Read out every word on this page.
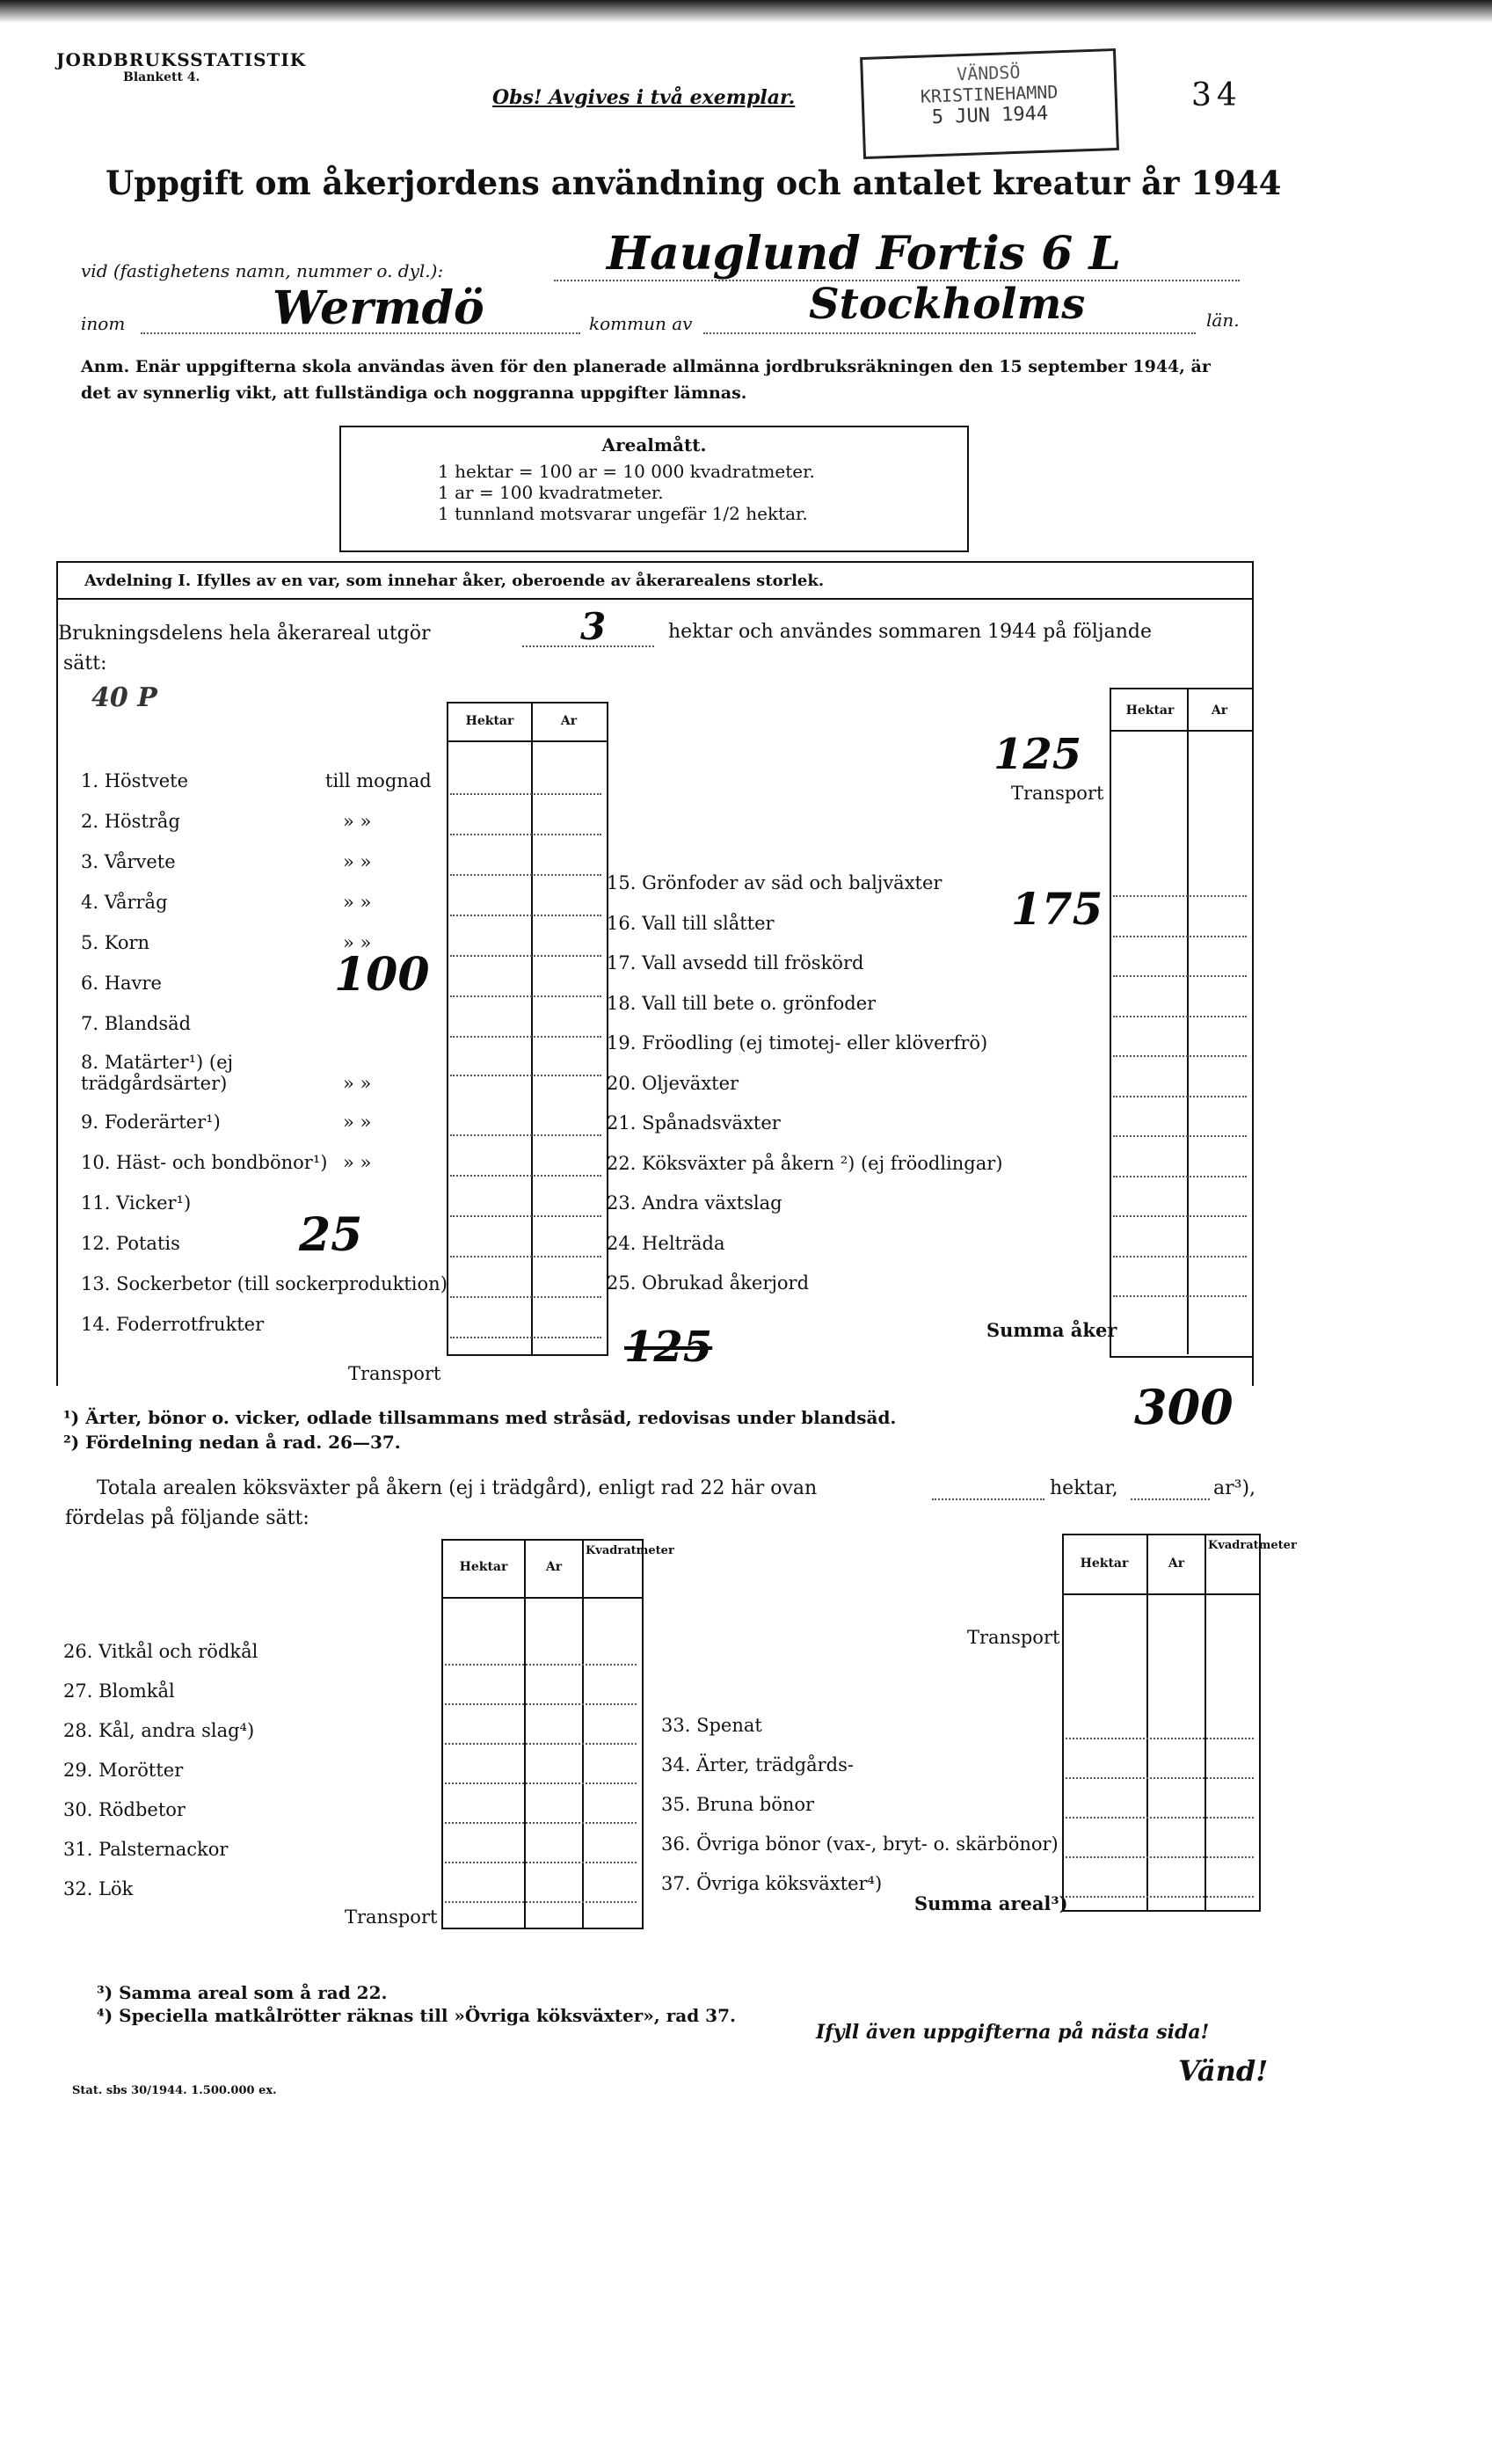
JORDBRUKSSTATISTIK
Blankett 4.
Obs! Avgives i två exemplar.
VÄNDSÖ
KRISTINEHAMND
5 JUN 1944
34
Uppgift om åkerjordens användning och antalet kreatur år 1944
vid (fastighetens namn, nummer o. dyl.):	Hauglund Fortis 6 L
inom	Wermdö	kommun av	Stockholms	län.
Anm. Enär uppgifterna skola användas även för den planerade allmänna jordbruksräkningen den 15 september 1944, är det av synnerlig vikt, att fullständiga och noggranna uppgifter lämnas.
Arealmått.
1 hektar = 100 ar = 10 000 kvadratmeter.
1 ar = 100 kvadratmeter.
1 tunnland motsvarar ungefär 1/2 hektar.
Avdelning I. Ifylles av en var, som innehar åker, oberoende av åkerarealens storlek.
Brukningsdelens hela åkerareal utgör	3	hektar och användes sommaren 1944 på följande
sätt:
40 P
Hektar	Ar
1. Höstvete	till mognad
2. Höstråg	» »
3. Vårvete	» »
4. Vårråg	» »
5. Korn	» »
6. Havre	100
7. Blandsäd
8. Matärter¹) (ej trädgårdsärter)	» »
9. Foderärter¹)	» »
10. Häst- och bondbönor¹) » »
11. Vicker¹)
12. Potatis	25
13. Sockerbetor (till sockerproduktion)
14. Foderrotfrukter
Transport
125
Hektar	Ar
125
Transport
15. Grönfoder av säd och baljväxter
16. Vall till slåtter	175
17. Vall avsedd till fröskörd
18. Vall till bete o. grönfoder
19. Fröodling (ej timotej- eller klöverfrö)
20. Oljeväxter
21. Spånadsväxter
22. Köksväxter på åkern ²) (ej fröodlingar)
23. Andra växtslag
24. Helträda
25. Obrukad åkerjord
Summa åker
300
¹) Ärter, bönor o. vicker, odlade tillsammans med stråsäd, redovisas under blandsäd.
²) Fördelning nedan å rad. 26—37.
Totala arealen köksväxter på åkern (ej i trädgård), enligt rad 22 här ovan	hektar,	ar³),
fördelas på följande sätt:
Hektar	Ar
Kvadratmeter
26. Vitkål och rödkål
27. Blomkål
28. Kål, andra slag⁴)
29. Morötter
30. Rödbetor
31. Palsternackor
32. Lök
Transport
Hektar	Ar
Kvadratmeter
Transport
33. Spenat
34. Ärter, trädgårds-
35. Bruna bönor
36. Övriga bönor (vax-, bryt- o. skärbönor)
37. Övriga köksväxter⁴)
Summa areal³)
³) Samma areal som å rad 22.
⁴) Speciella matkålrötter räknas till »Övriga köksväxter», rad 37.
Ifyll även uppgifterna på nästa sida!
Vänd!
Stat. sbs 30/1944. 1.500.000 ex.
